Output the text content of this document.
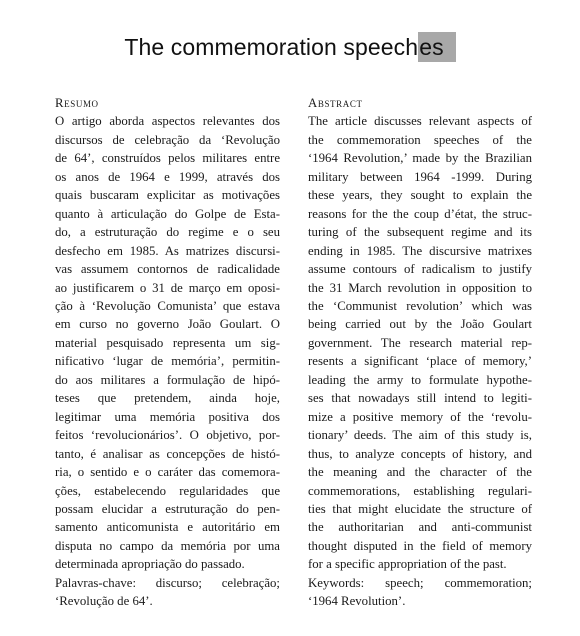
The commemoration speeches
Resumo

O artigo aborda aspectos relevantes dos
discursos de celebração da ‘Revolução
de 64’, construídos pelos militares entre
os anos de 1964 e 1999, através dos
quais buscaram explicitar as motivações
quanto à articulação do Golpe de Esta-
do, a estruturação do regime e o seu
desfecho em 1985. As matrizes discursi-
vas assumem contornos de radicalidade
ao justificarem o 31 de março em oposi-
ção à ‘Revolução Comunista’ que estava
em curso no governo João Goulart. O
material pesquisado representa um sig-
nificativo ‘lugar de memória’, permitin-
do aos militares a formulação de hipó-
teses que pretendem, ainda hoje,
legitimar uma memória positiva dos
feitos ‘revolucionários’. O objetivo, por-
tanto, é analisar as concepções de histó-
ria, o sentido e o caráter das comemora-
ções, estabelecendo regularidades que
possam elucidar a estruturação do pen-
samento anticomunista e autoritário em
disputa no campo da memória por uma
determinada apropriação do passado.

Palavras-chave: discurso; celebração;
‘Revolução de 64’.

Abstract

The article discusses relevant aspects of
the commemoration speeches of the
‘1964 Revolution,’ made by the Brazilian
military between 1964 -1999. During
these years, they sought to explain the
reasons for the the coup d’état, the struc-
turing of the subsequent regime and its
ending in 1985. The discursive matrixes
assume contours of radicalism to justify
the 31 March revolution in opposition to
the ‘Communist revolution’ which was
being carried out by the João Goulart
government. The research material rep-
resents a significant ‘place of memory,’
leading the army to formulate hypothe-
ses that nowadays still intend to legiti-
mize a positive memory of the ‘revolu-
tionary’ deeds. The aim of this study is,
thus, to analyze concepts of history, and
the meaning and the character of the
commemorations, establishing regulari-
ties that might elucidate the structure of
the authoritarian and anti-communist
thought disputed in the field of memory
for a specific appropriation of the past.

Keywords: speech; commemoration;
‘1964 Revolution’.
